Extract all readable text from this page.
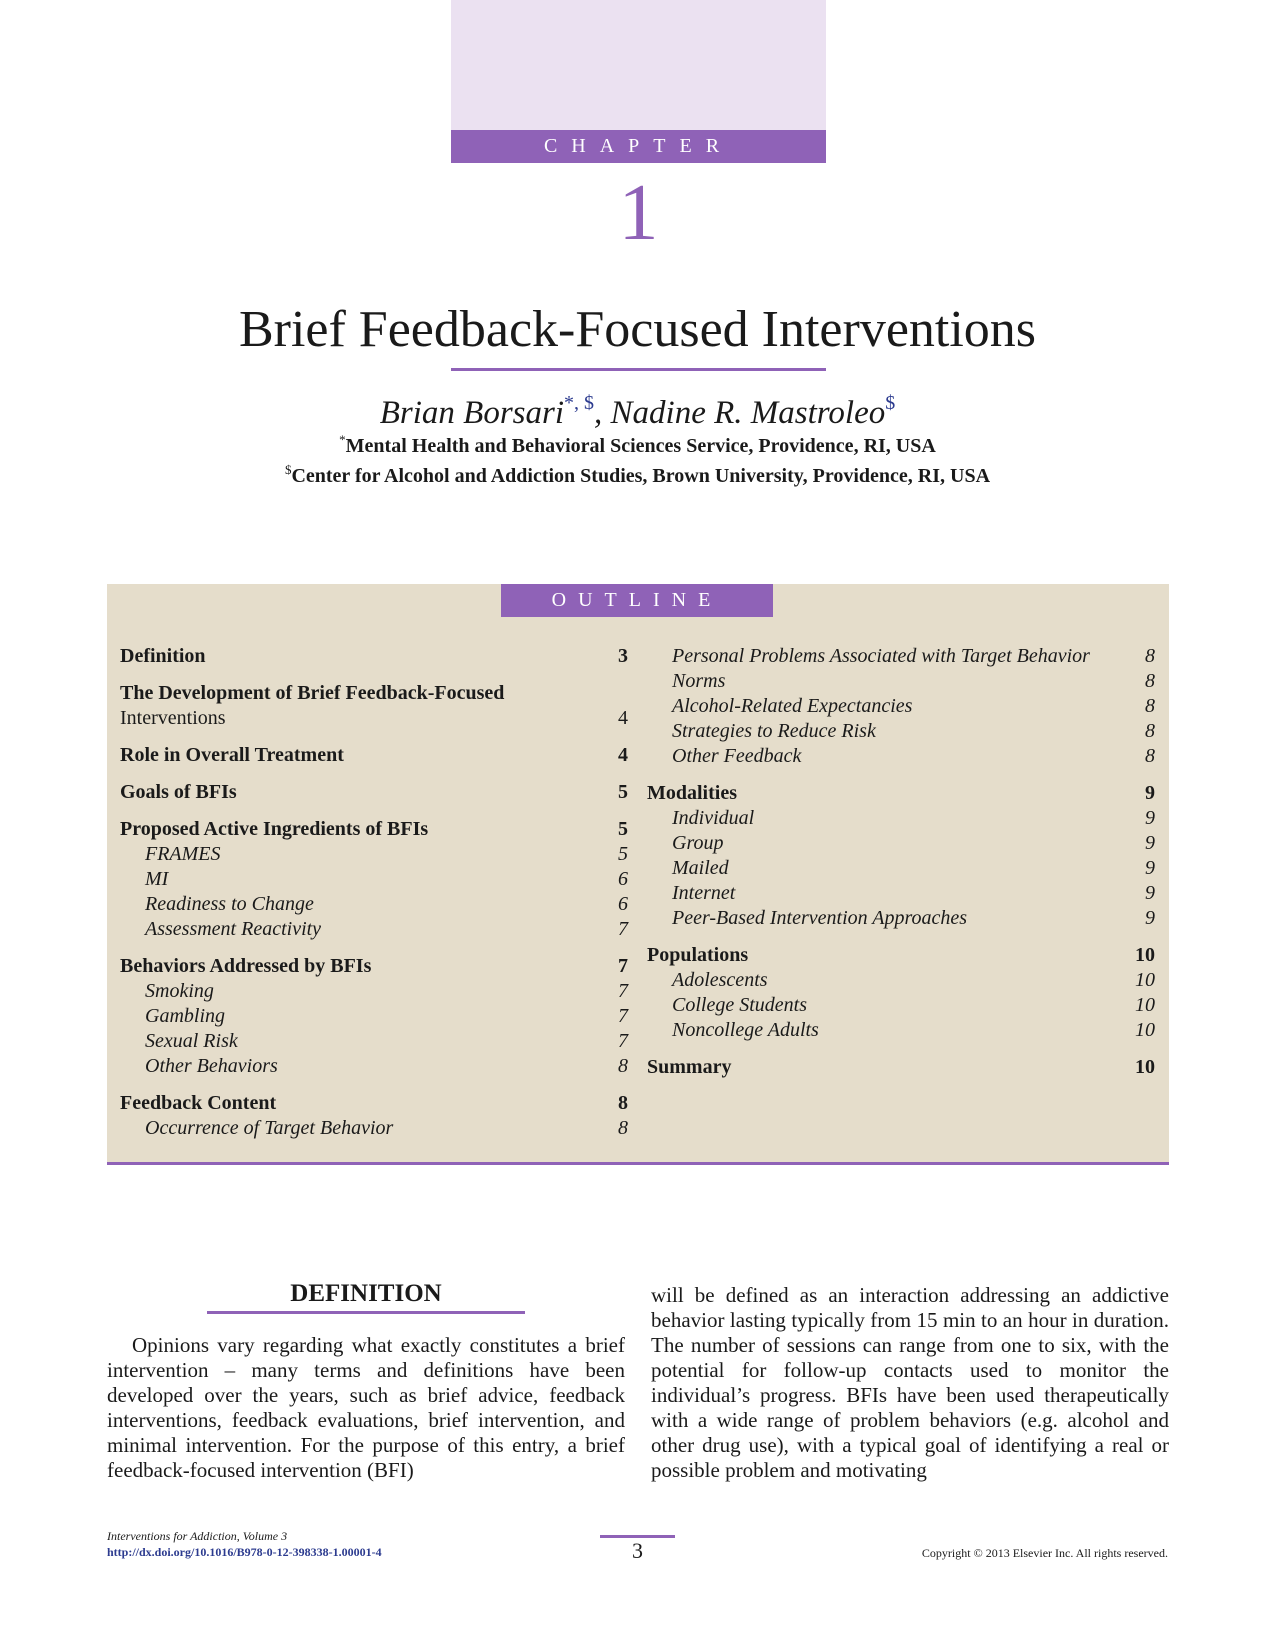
CHAPTER
1
Brief Feedback-Focused Interventions
Brian Borsari*, $, Nadine R. Mastroleo$
*Mental Health and Behavioral Sciences Service, Providence, RI, USA
$Center for Alcohol and Addiction Studies, Brown University, Providence, RI, USA
OUTLINE
Definition	3
The Development of Brief Feedback-Focused
Interventions	4
Role in Overall Treatment	4
Goals of BFIs	5
Proposed Active Ingredients of BFIs	5
FRAMES	5
MI	6
Readiness to Change	6
Assessment Reactivity	7
Behaviors Addressed by BFIs	7
Smoking	7
Gambling	7
Sexual Risk	7
Other Behaviors	8
Feedback Content	8
Occurrence of Target Behavior	8
Personal Problems Associated with Target Behavior	8
Norms	8
Alcohol-Related Expectancies	8
Strategies to Reduce Risk	8
Other Feedback	8
Modalities	9
Individual	9
Group	9
Mailed	9
Internet	9
Peer-Based Intervention Approaches	9
Populations	10
Adolescents	10
College Students	10
Noncollege Adults	10
Summary	10
DEFINITION
Opinions vary regarding what exactly constitutes a brief intervention – many terms and definitions have been developed over the years, such as brief advice, feedback interventions, feedback evaluations, brief intervention, and minimal intervention. For the purpose of this entry, a brief feedback-focused intervention (BFI)
will be defined as an interaction addressing an addictive behavior lasting typically from 15 min to an hour in duration. The number of sessions can range from one to six, with the potential for follow-up contacts used to monitor the individual’s progress. BFIs have been used therapeutically with a wide range of problem behaviors (e.g. alcohol and other drug use), with a typical goal of identifying a real or possible problem and motivating
Interventions for Addiction, Volume 3
http://dx.doi.org/10.1016/B978-0-12-398338-1.00001-4	3	Copyright © 2013 Elsevier Inc. All rights reserved.
